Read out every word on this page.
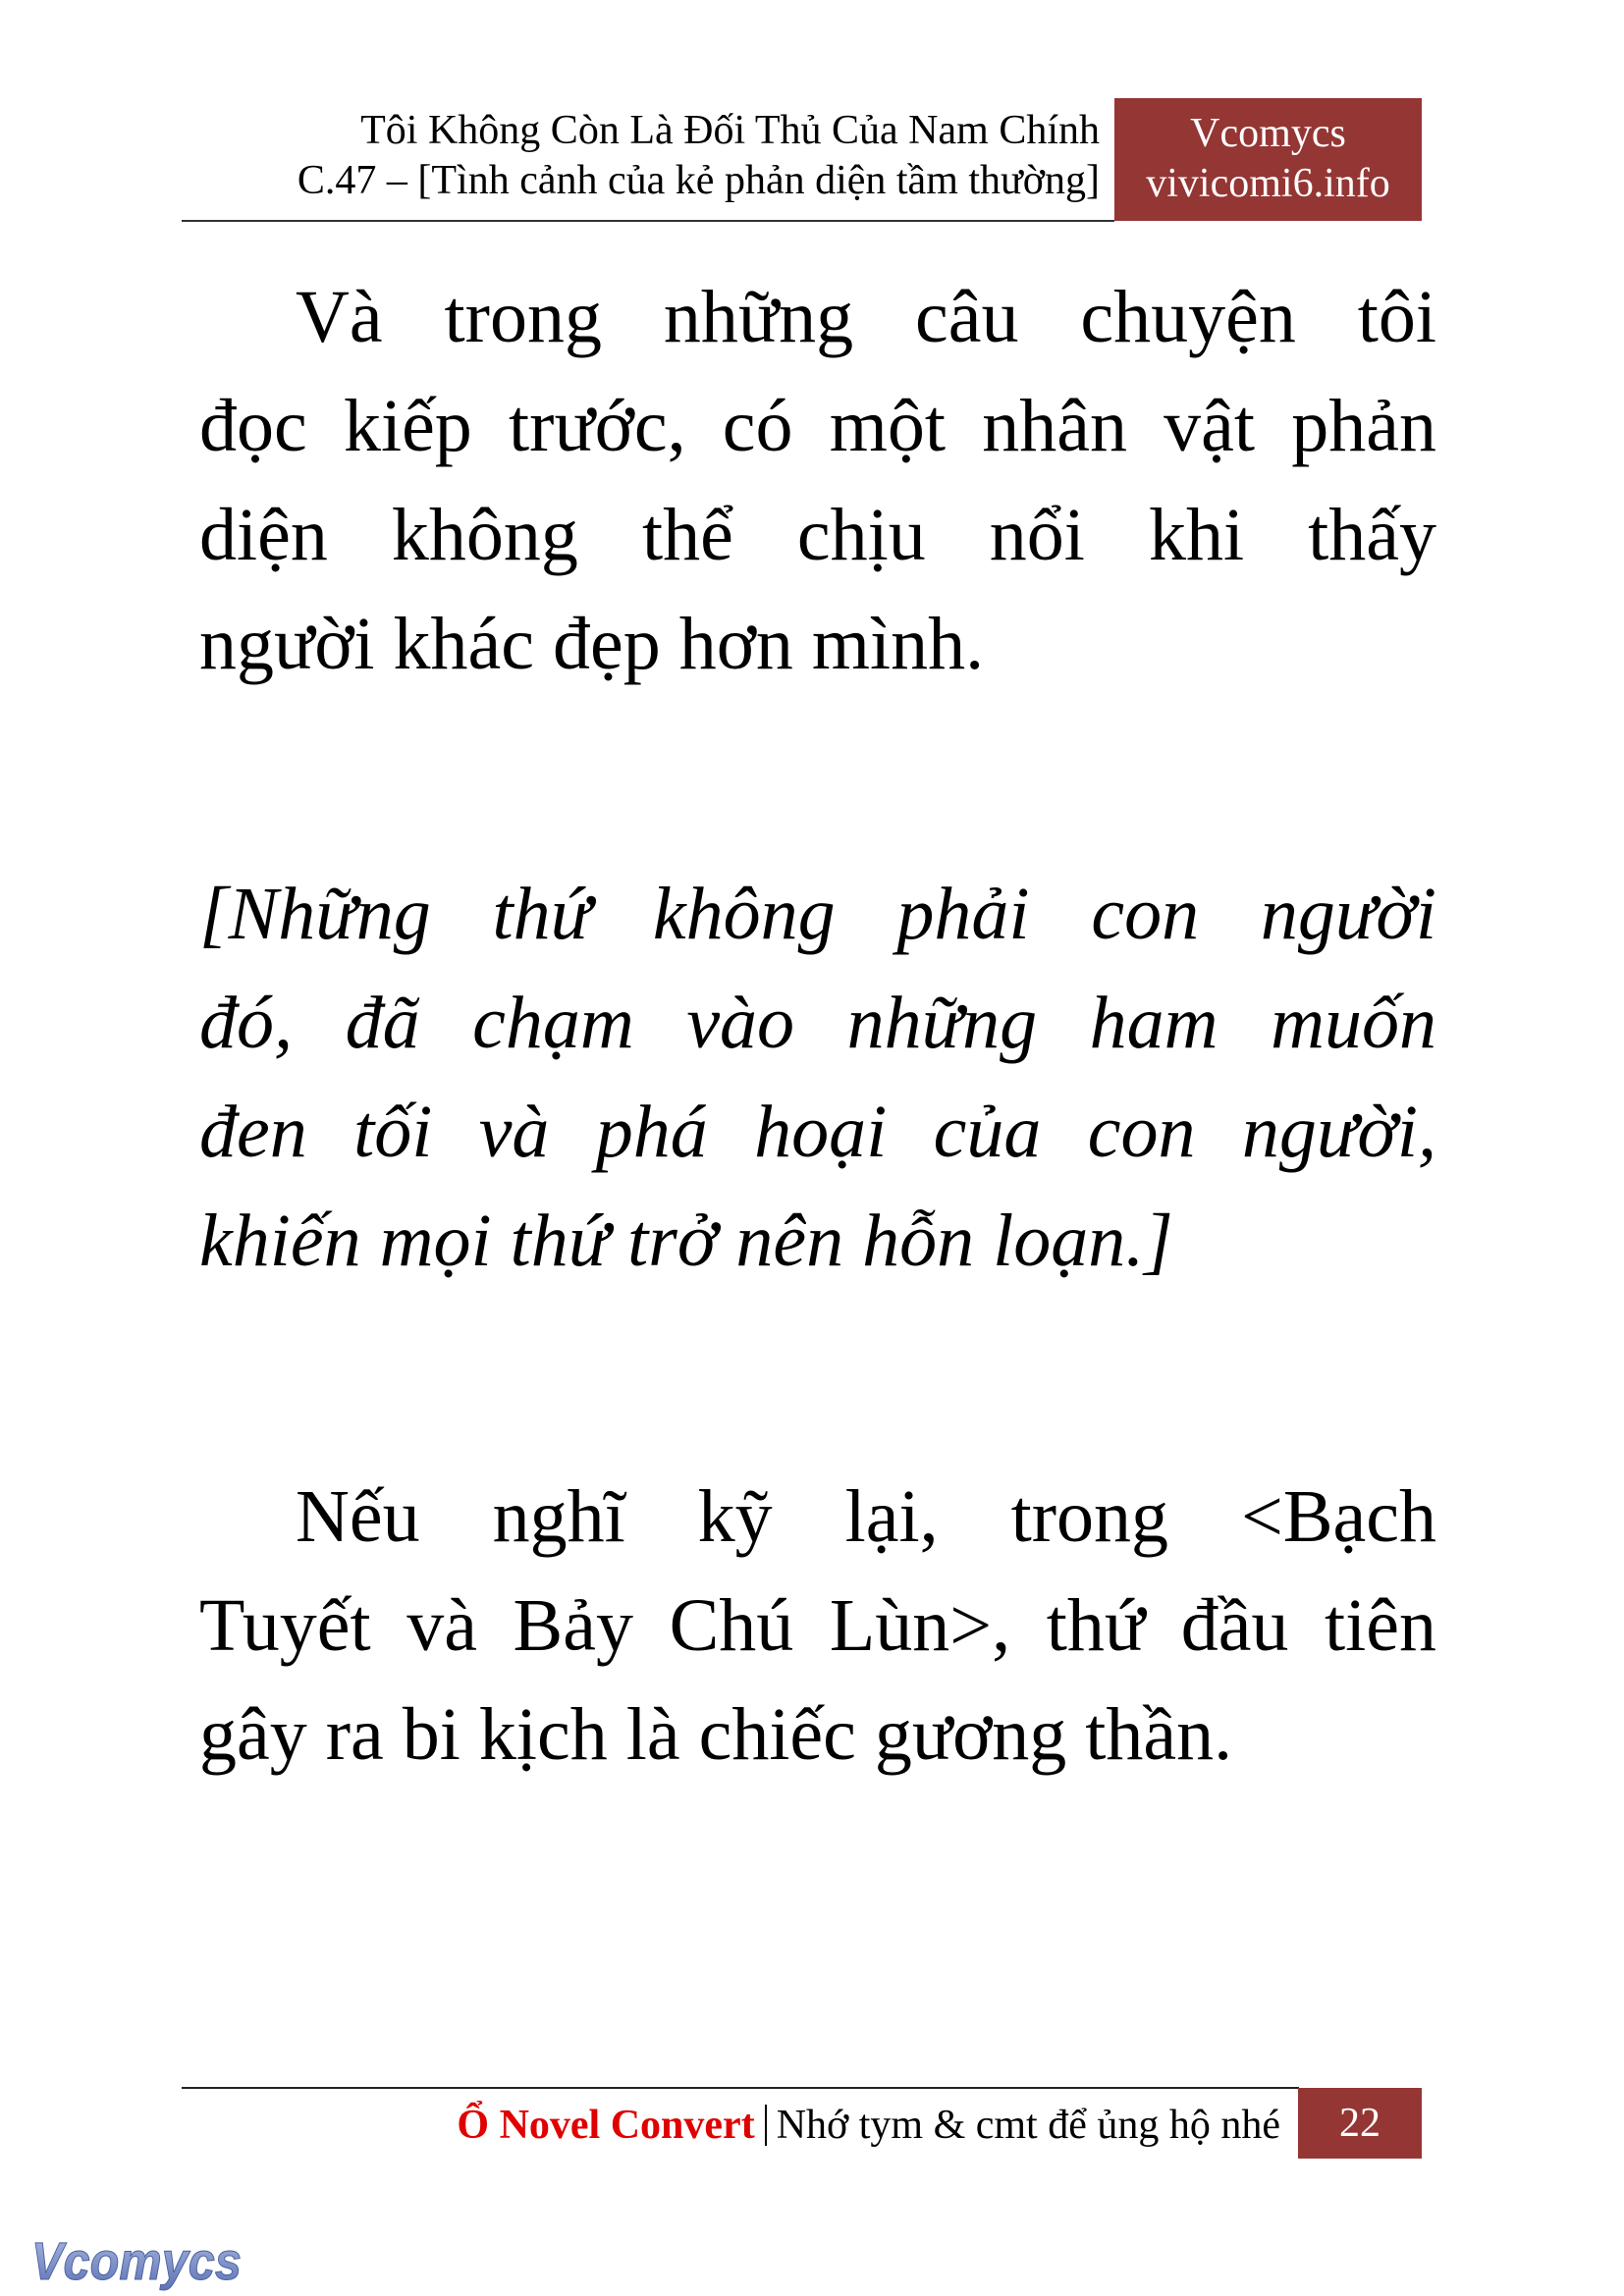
Tôi Không Còn Là Đối Thủ Của Nam Chính
C.47 – [Tình cảnh của kẻ phản diện tầm thường]
Vcomycs
vivicomi6.info
Và trong những câu chuyện tôi
đọc kiếp trước, có một nhân vật phản
diện không thể chịu nổi khi thấy
người khác đẹp hơn mình.
[Những thứ không phải con người
đó, đã chạm vào những ham muốn
đen tối và phá hoại của con người,
khiến mọi thứ trở nên hỗn loạn.]
Nếu nghĩ kỹ lại, trong <Bạch
Tuyết và Bảy Chú Lùn>, thứ đầu tiên
gây ra bi kịch là chiếc gương thần.
Ổ Novel Convert Nhớ tym & cmt để ủng hộ nhé	22
Vcomycs
